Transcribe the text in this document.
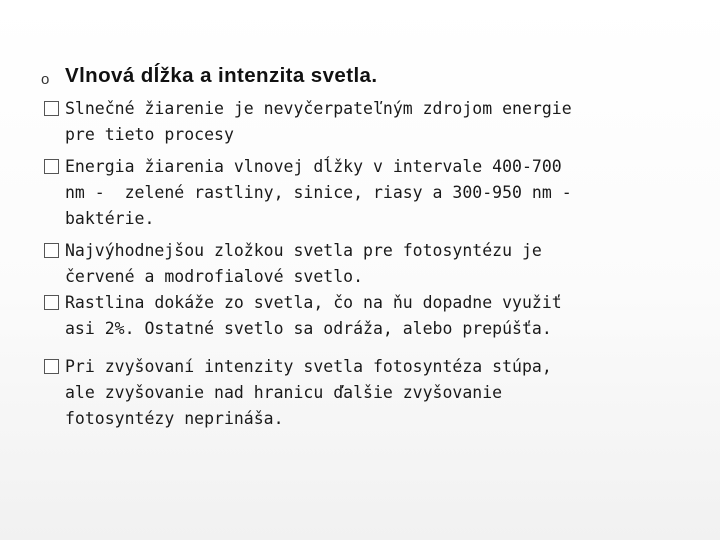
o Vlnová dĺžka a intenzita svetla.
Slnečné žiarenie je nevyčerpateľným zdrojom energie
pre tieto procesy
Energia žiarenia vlnovej dĺžky v intervale 400-700
nm -  zelené rastliny, sinice, riasy a 300-950 nm -
baktérie.
Najvýhodnejšou zložkou svetla pre fotosyntézu je
červené a modrofialové svetlo.
Rastlina dokáže zo svetla, čo na ňu dopadne využiť
asi 2%. Ostatné svetlo sa odráža, alebo prepúšťa.
Pri zvyšovaní intenzity svetla fotosyntéza stúpa,
ale zvyšovanie nad hranicu ďalšie zvyšovanie
fotosyntézy neprináša.
